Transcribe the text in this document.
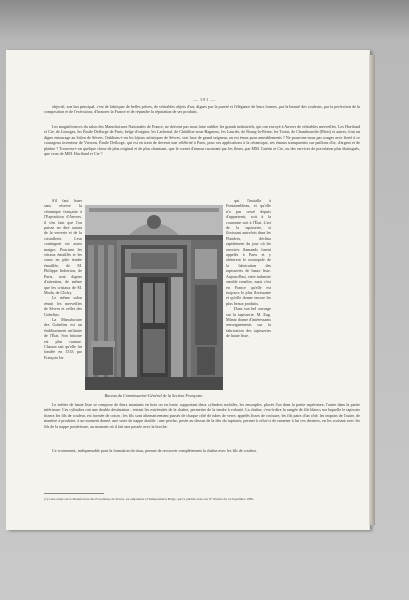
— 391 —

objectif, son but principal, c'est de fabriquer de belles pièces, de véritables objets d'art, dignes par la pureté et l'élégance de leurs formes, par la beauté des couleurs, par la perfection de la composition et de l'exécution, d'honorer la France et de répandre la réputation de ses produits.

Les magnificences du salon des Manufactures Nationales de France, ne doivent pas nous faire oublier les grands industriels, qui ont envoyé à Anvers de véritables merveilles. Les Haviland et Cie, de Limoges, les Émile Deflorge de Paris, belge d'origine, les Lachenal, de Châtillon-sous-Bagneux, les Lauriès, de Bourg-la-Reine, les Tortat, de Chambourdie (Blois) et autres, font un digne entourage au Salon de Sèvres. Oublions-t-on les bijoux artistiques de Sèvres, vrai luxe de grand seigneur, on est émus pour ameublements ? Ne pourrons-nous pas songer avec fierté à ce courageux inventeur de Vierzon, Émile Deflorge, qui est en train de devenir une célébrité à Paris, pour ses applications à la céramique, ses émaux transparents sur paillons d'or, d'argent et de platine ? Trouvera-t-on quelque chose de plus original et de plus charmant, que le cornet d'amour racontant par les fleurs, par MM. Guérin et Cie, ou des services de porcelaine plus distingués, que ceux de MM. Haviland et Cie ?

S'il faut louer sans réserve la céramique française à l'Exposition d'Anvers, il s'en faut que l'on puisse en dire autant de la verrerie et de la cristallerie. Leur contingent est assez maigre. Pourtant les vitraux émaillés et les vases en pâte tendre émaillée, de M. Philippe Imberton, de Paris, sont dignes d'attention, de même que les cristaux de M. Moda, de Clichy.

Le même salon réunit les merveilles de Sèvres et celles des Gobelins.

La Manufacture des Gobelins est un établissement militaire de l'État. Son histoire est plus connue. Chacun sait qu'elle fut fondée en 1533 par François Ier.

Bureau du Commissariat-Général de la Section Française.

qui l'installa à Fontainebleau, et qu'elle n'a pas cessé depuis d'appartenir, soit à la couronne soit à l'État. L'art de la tapisserie, si florissant autrefois dans les Flandres, déclina rapidement du jour où les ouvriers flamands furent appelés à Paris et y obtinrent le monopole de la fabrication des tapisseries de haute lisse. Aujourd'hui, cette industrie semble renaître, mais c'est en France qu'elle est toujours le plus florissante et qu'elle donne encore les plus beaux produits.

Dans son bel ouvrage sur la tapisserie, M. Eug. Müntz donne d'intéressants renseignements sur la fabrication des tapisseries de haute lisse.

Le métier de haute lisse se compose de deux montants en bois ou en fonte, supportant deux cylindres mobiles, les ensouples, placés l'un dans la partie supérieure, l'autre dans la partie inférieure. Ces cylindres ont une double destination : retenir les extrémités de la chaîne, permettre de la tendre à volonté. La chaîne, c'est-à-dire la rangée de fils blancs sur laquelle le tapissier tissera les fils de couleur, est formée de coton ; les fils sont alternativement passés de chaque côté de tubes de verre, appelés lisses de croisure, les fils pairs d'un côté, les impairs de l'autre, de manière à produire, à un moment donné, une sorte de nappe double ; une perche, posée au dessus de la tête du tapissier, permet à celui-ci de ramener à lui ces derniers, en les croisant avec les fils de la nappe postérieure, au moment où il fait une passée avec la broche.

Ce croisement, indispensable pour la formation du tissu, permet de recouvrir complètement la chaîne avec les fils de couleur.

(1) Cette étude sur la Manufacture des Porcelaines de Sèvres, est empruntée à l'Indépendance Belge, qui l'a publiée dans son N° illustré du 14 Septembre 1885.
